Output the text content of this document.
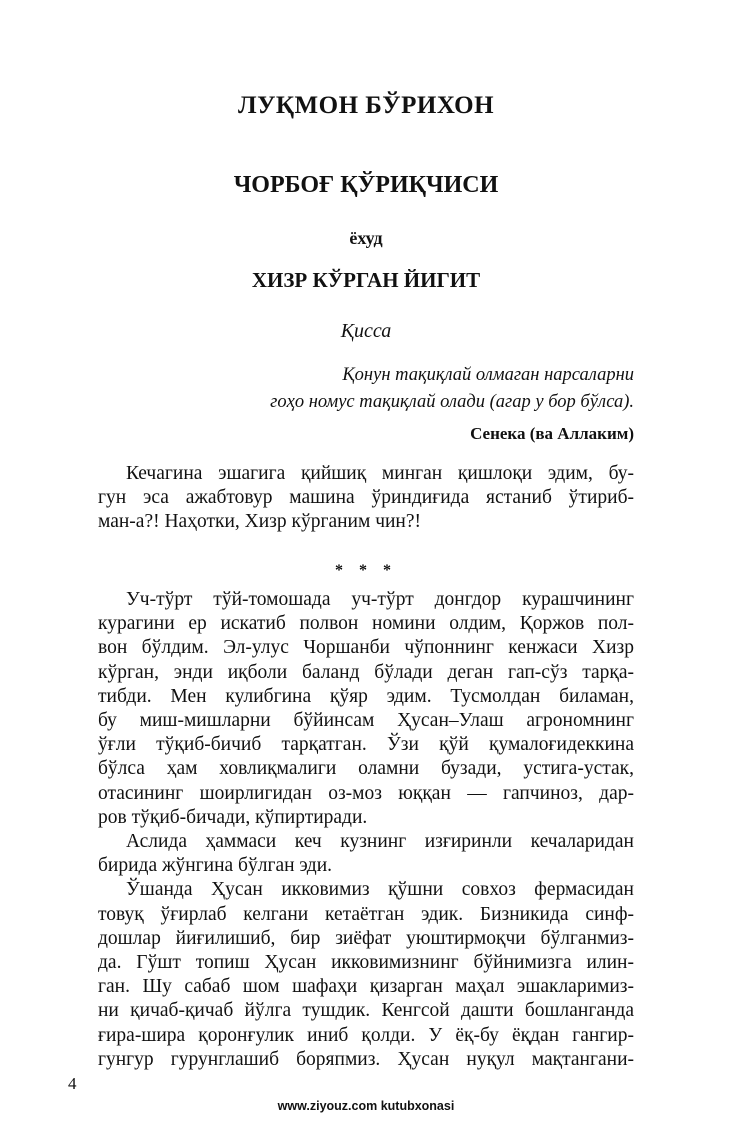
ЛУҚМОН БЎРИХОН
ЧОРБОҒ ҚЎРИҚЧИСИ
ёхуд
ХИЗР КЎРГАН ЙИГИТ
Қисса
Қонун тақиқлай олмаган нарсаларни
гоҳо номус тақиқлай олади (агар у бор бўлса).
Сенека (ва Аллаким)
Кечагина эшагига қийшиқ минган қишлоқи эдим, бу-
гун эса ажабтовур машина ўриндиғида ястаниб ўтириб-
ман-а?! Наҳотки, Хизр кўрганим чин?!
* * *
Уч-тўрт тўй-томошада уч-тўрт донгдор курашчининг
курагини ер искатиб полвон номини олдим, Қоржов пол-
вон бўлдим. Эл-улус Чоршанби чўпоннинг кенжаси Хизр
кўрган, энди иқболи баланд бўлади деган гап-сўз тарқа-
тибди. Мен кулибгина қўяр эдим. Тусмолдан биламан,
бу миш-мишларни бўйинсам Ҳусан–Улаш агрономнинг
ўғли тўқиб-бичиб тарқатган. Ўзи қўй қумалоғидеккина
бўлса ҳам ховлиқмалиги оламни бузади, устига-устак,
отасининг шоирлигидан оз-моз юққан — гапчиноз, дар-
ров тўқиб-бичади, кўпиртиради.
Аслида ҳаммаси кеч кузнинг изғиринли кечаларидан
бирида жўнгина бўлган эди.
Ўшанда Ҳусан икковимиз қўшни совхоз фермасидан
товуқ ўғирлаб келгани кетаётган эдик. Бизникида синф-
дошлар йиғилишиб, бир зиёфат уюштирмоқчи бўлганмиз-
да. Гўшт топиш Ҳусан икковимизнинг бўйнимизга илин-
ган. Шу сабаб шом шафаҳи қизарган маҳал эшакларимиз-
ни қичаб-қичаб йўлга тушдик. Кенгсой дашти бошланганда
ғира-шира қоронғулик иниб қолди. У ёқ-бу ёқдан гангир-
гунгур гурунглашиб боряпмиз. Ҳусан нуқул мақтангани-
4
www.ziyouz.com kutubxonasi
